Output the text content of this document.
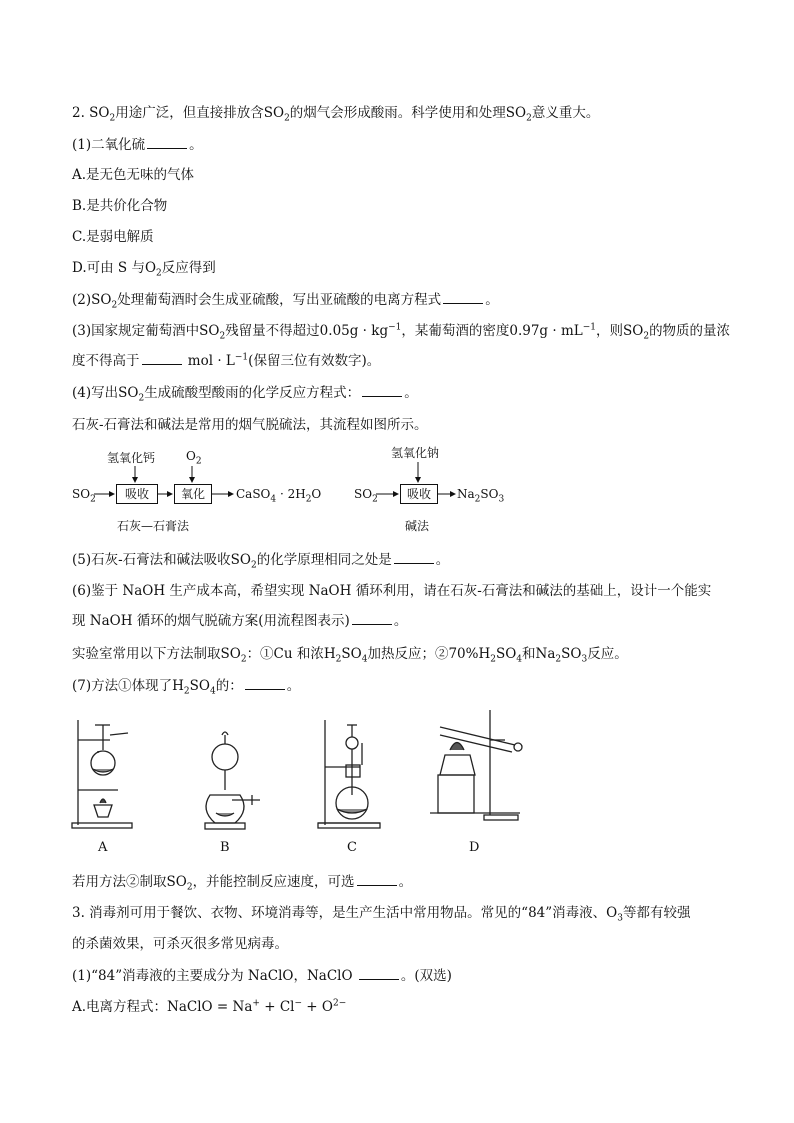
2. $SO_2$用途广泛，但直接排放含$SO_2$的烟气会形成酸雨。科学使用和处理$SO_2$意义重大。
(1)二氧化硫	。
A.是无色无味的气体
B.是共价化合物
C.是弱电解质
D.可由 S 与$O_2$反应得到
$(2)SO_2$处理葡萄酒时会生成亚硫酸，写出亚硫酸的电离方程式	。
(3)国家规定葡萄酒中$SO_2$残留量不得超过$0.05g \cdot kg^{-1}$，某葡萄酒的密度$0.97g \cdot mL^{-1}$，则$SO_2$的物质的量浓
度不得高于	mol · $L^{-1}$(保留三位有效数字)。
(4)写出$SO_2$生成硫酸型酸雨的化学反应方程式：	。
石灰-石膏法和碱法是常用的烟气脱硫法，其流程如图所示。
氢氧化钙	$O_2$
$SO_2$	吸收	氧化	CaSO$_4$ · $2H_2O$
石灰—石膏法
氢氧化钠
$SO_2$	吸收	$Na_2SO_3$
碱法
(5)石灰-石膏法和碱法吸收$SO_2$的化学原理相同之处是	。
(6)鉴于 NaOH 生产成本高，希望实现 NaOH 循环利用，请在石灰-石膏法和碱法的基础上，设计一个能实
现 NaOH 循环的烟气脱硫方案(用流程图表示)	。
实验室常用以下方法制取$SO_2$：①Cu 和浓$H_2SO_4$加热反应；$②70\%H_2SO_4$和$Na_2SO_3$反应。
(7)方法①体现了$H_2SO_4$的：	。
A	B	C	D
若用方法②制取$SO_2$，并能控制反应速度，可选	。
3. 消毒剂可用于餐饮、衣物、环境消毒等，是生产生活中常用物品。常见的“84”消毒液、$O_3$等都有较强
的杀菌效果，可杀灭很多常见病毒。
(1)“84”消毒液的主要成分为 NaClO，NaClO	。(双选)
A.电离方程式：NaClO = $Na^+ + Cl^- + O^{2-}$
